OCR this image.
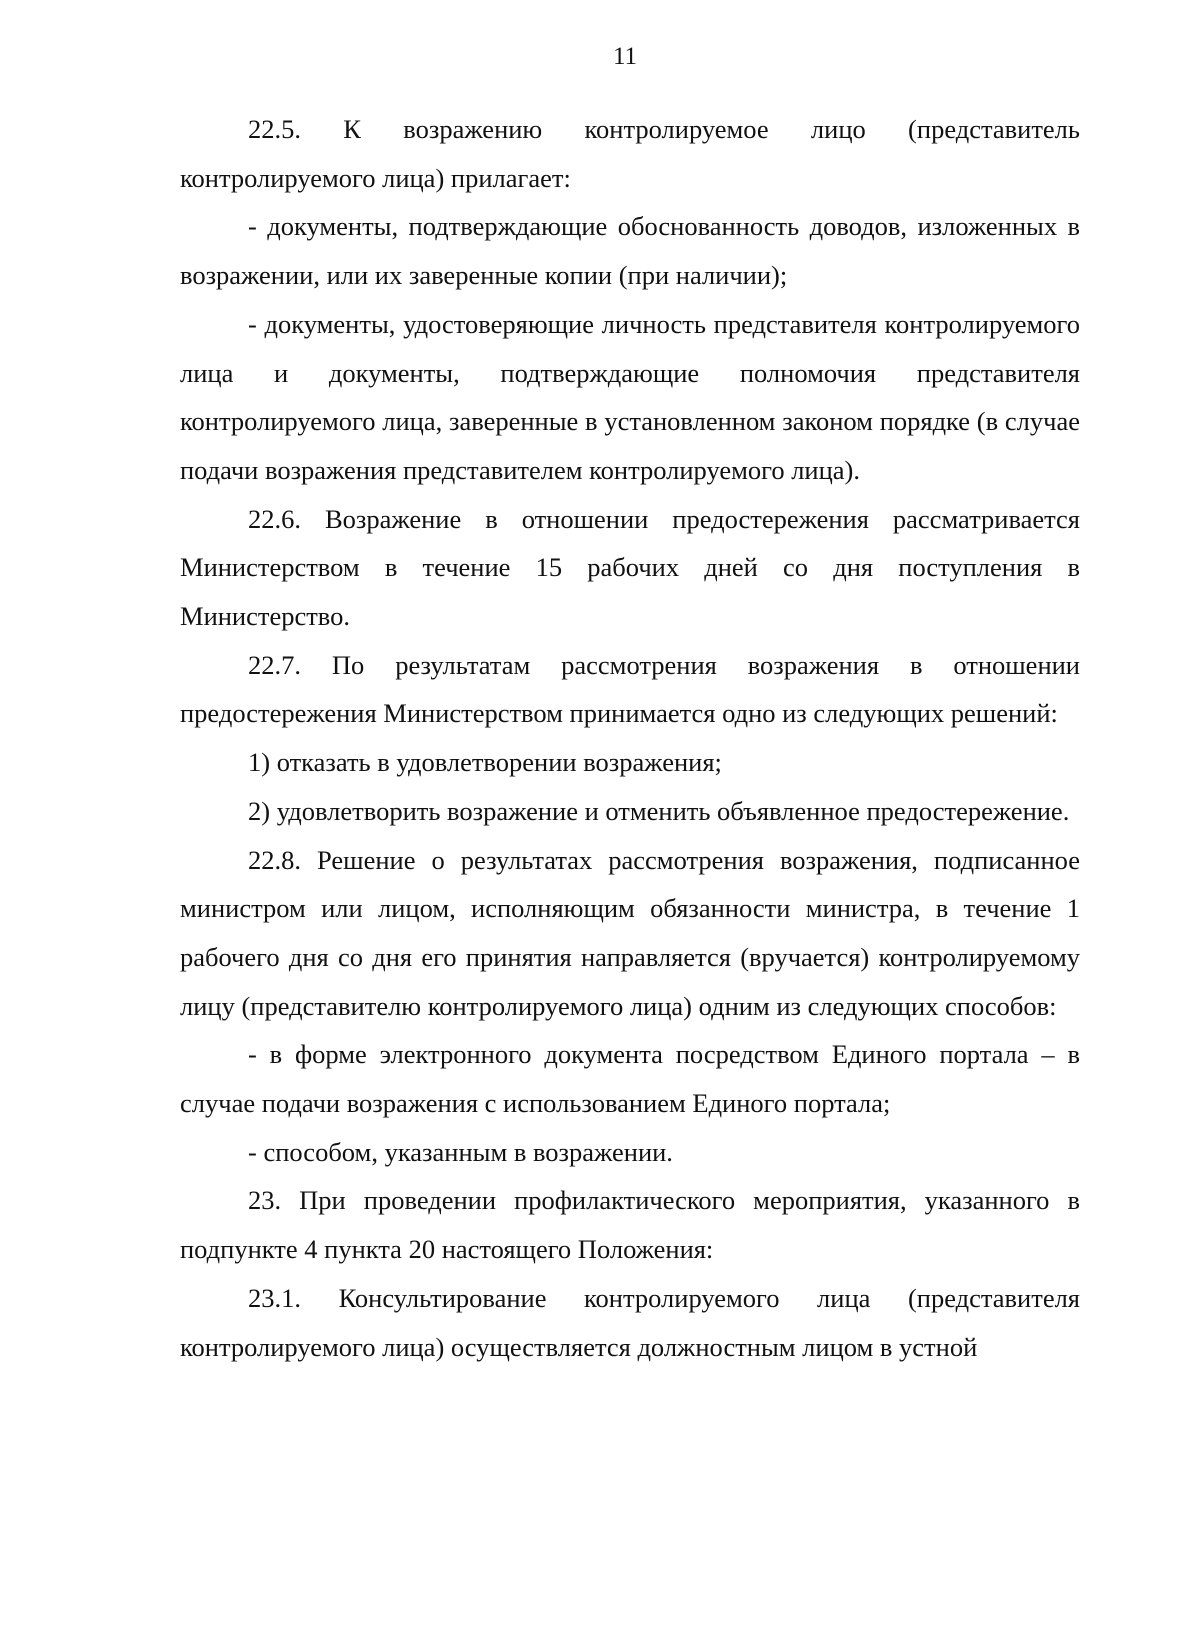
11

22.5. К возражению контролируемое лицо (представитель контролируемого лица) прилагает:

- документы, подтверждающие обоснованность доводов, изложенных в возражении, или их заверенные копии (при наличии);

- документы, удостоверяющие личность представителя контролируемого лица и документы, подтверждающие полномочия представителя контролируемого лица, заверенные в установленном законом порядке (в случае подачи возражения представителем контролируемого лица).

22.6. Возражение в отношении предостережения рассматривается Министерством в течение 15 рабочих дней со дня поступления в Министерство.

22.7. По результатам рассмотрения возражения в отношении предостережения Министерством принимается одно из следующих решений:

1) отказать в удовлетворении возражения;

2) удовлетворить возражение и отменить объявленное предостережение.

22.8. Решение о результатах рассмотрения возражения, подписанное министром или лицом, исполняющим обязанности министра, в течение 1 рабочего дня со дня его принятия направляется (вручается) контролируемому лицу (представителю контролируемого лица) одним из следующих способов:

- в форме электронного документа посредством Единого портала – в случае подачи возражения с использованием Единого портала;

- способом, указанным в возражении.

23. При проведении профилактического мероприятия, указанного в подпункте 4 пункта 20 настоящего Положения:

23.1. Консультирование контролируемого лица (представителя контролируемого лица) осуществляется должностным лицом в устной
